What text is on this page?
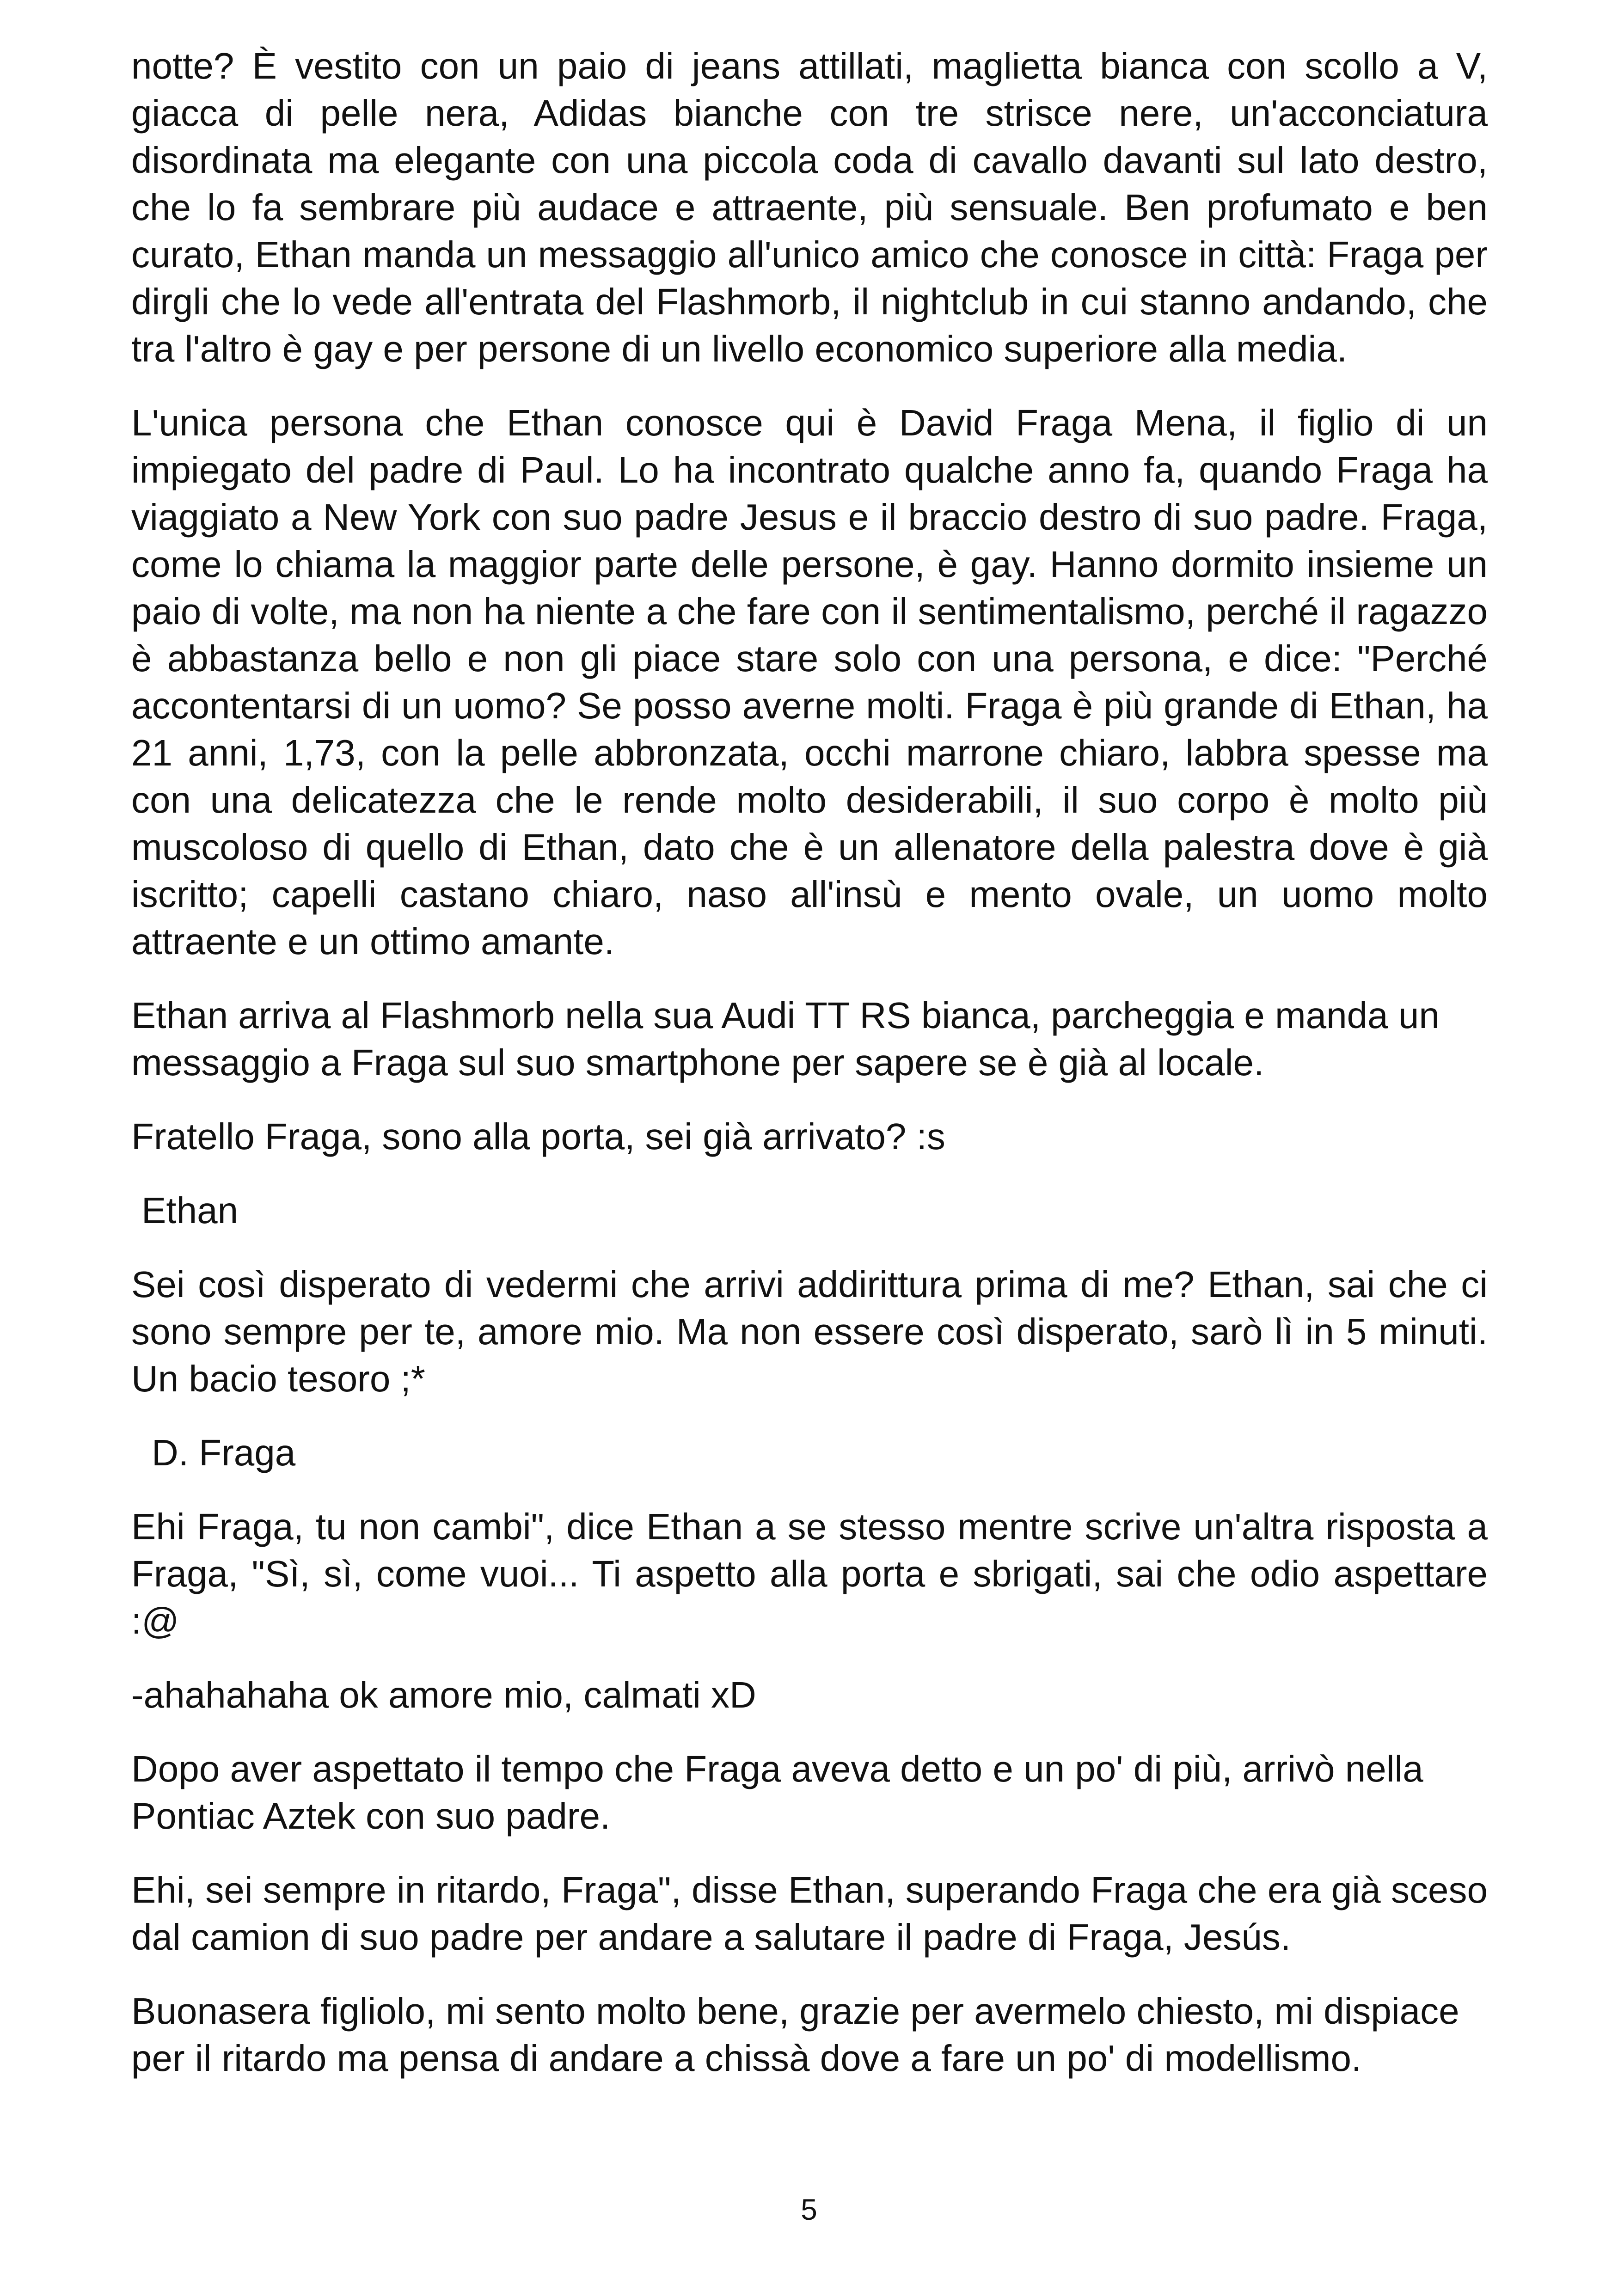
notte? È vestito con un paio di jeans attillati, maglietta bianca con scollo a V, giacca di pelle nera, Adidas bianche con tre strisce nere, un'acconciatura disordinata ma elegante con una piccola coda di cavallo davanti sul lato destro, che lo fa sembrare più audace e attraente, più sensuale. Ben profumato e ben curato, Ethan manda un messaggio all'unico amico che conosce in città: Fraga per dirgli che lo vede all'entrata del Flashmorb, il nightclub in cui stanno andando, che tra l'altro è gay e per persone di un livello economico superiore alla media.

L'unica persona che Ethan conosce qui è David Fraga Mena, il figlio di un impiegato del padre di Paul. Lo ha incontrato qualche anno fa, quando Fraga ha viaggiato a New York con suo padre Jesus e il braccio destro di suo padre. Fraga, come lo chiama la maggior parte delle persone, è gay. Hanno dormito insieme un paio di volte, ma non ha niente a che fare con il sentimentalismo, perché il ragazzo è abbastanza bello e non gli piace stare solo con una persona, e dice: "Perché accontentarsi di un uomo? Se posso averne molti. Fraga è più grande di Ethan, ha 21 anni, 1,73, con la pelle abbronzata, occhi marrone chiaro, labbra spesse ma con una delicatezza che le rende molto desiderabili, il suo corpo è molto più muscoloso di quello di Ethan, dato che è un allenatore della palestra dove è già iscritto; capelli castano chiaro, naso all'insù e mento ovale, un uomo molto attraente e un ottimo amante.

Ethan arriva al Flashmorb nella sua Audi TT RS bianca, parcheggia e manda un messaggio a Fraga sul suo smartphone per sapere se è già al locale.

Fratello Fraga, sono alla porta, sei già arrivato? :s

Ethan

Sei così disperato di vedermi che arrivi addirittura prima di me? Ethan, sai che ci sono sempre per te, amore mio. Ma non essere così disperato, sarò lì in 5 minuti. Un bacio tesoro ;*

D. Fraga

Ehi Fraga, tu non cambi", dice Ethan a se stesso mentre scrive un'altra risposta a Fraga, "Sì, sì, come vuoi... Ti aspetto alla porta e sbrigati, sai che odio aspettare :@

-ahahahaha ok amore mio, calmati xD

Dopo aver aspettato il tempo che Fraga aveva detto e un po' di più, arrivò nella Pontiac Aztek con suo padre.

Ehi, sei sempre in ritardo, Fraga", disse Ethan, superando Fraga che era già sceso dal camion di suo padre per andare a salutare il padre di Fraga, Jesús.

Buonasera figliolo, mi sento molto bene, grazie per avermelo chiesto, mi dispiace per il ritardo ma pensa di andare a chissà dove a fare un po' di modellismo.

5
